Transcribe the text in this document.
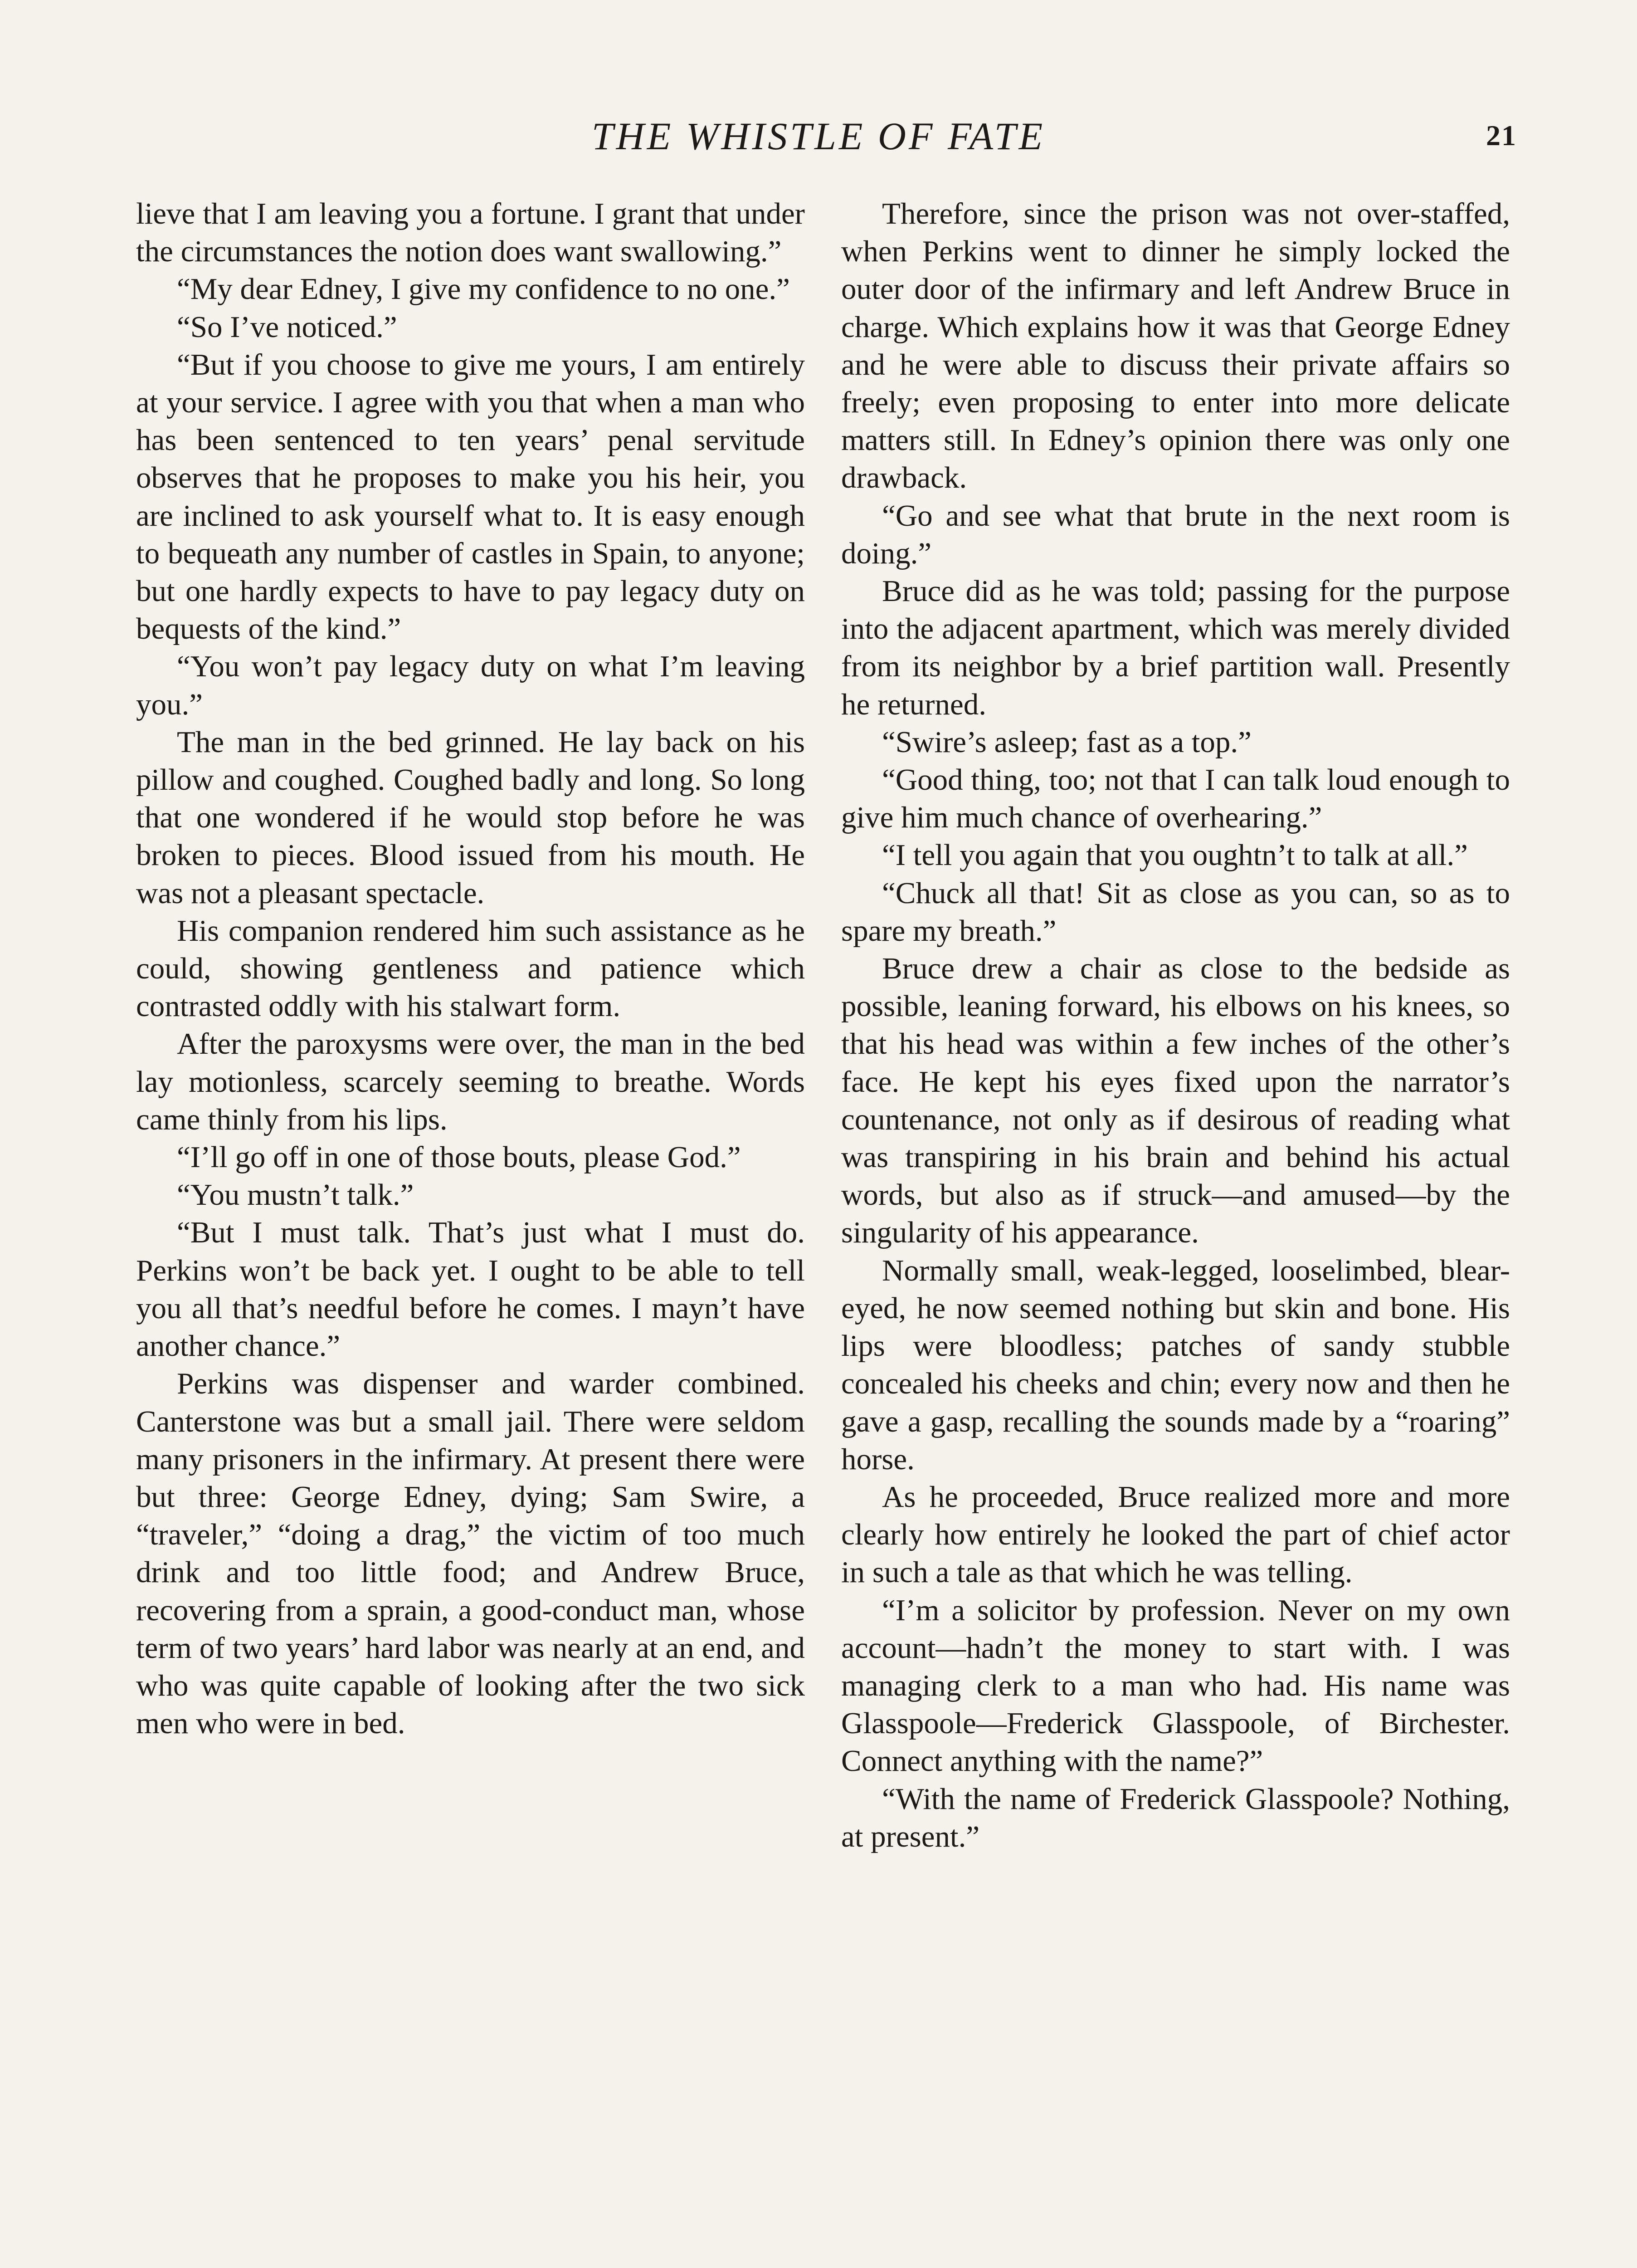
THE WHISTLE OF FATE	21

lieve that I am leaving you a fortune. I grant that under the circumstances the notion does want swallowing.”

“My dear Edney, I give my confidence to no one.”

“So I’ve noticed.”

“But if you choose to give me yours, I am entirely at your service. I agree with you that when a man who has been sentenced to ten years’ penal servitude observes that he proposes to make you his heir, you are inclined to ask yourself what to. It is easy enough to bequeath any number of castles in Spain, to anyone; but one hardly expects to have to pay legacy duty on bequests of the kind.”

“You won’t pay legacy duty on what I’m leaving you.”

The man in the bed grinned. He lay back on his pillow and coughed. Coughed badly and long. So long that one wondered if he would stop before he was broken to pieces. Blood issued from his mouth. He was not a pleasant spectacle.

His companion rendered him such assistance as he could, showing gentleness and patience which contrasted oddly with his stalwart form.

After the paroxysms were over, the man in the bed lay motionless, scarcely seeming to breathe. Words came thinly from his lips.

“I’ll go off in one of those bouts, please God.”

“You mustn’t talk.”

“But I must talk. That’s just what I must do. Perkins won’t be back yet. I ought to be able to tell you all that’s needful before he comes. I mayn’t have another chance.”

Perkins was dispenser and warder combined. Canterstone was but a small jail. There were seldom many prisoners in the infirmary. At present there were but three: George Edney, dying; Sam Swire, a “traveler,” “doing a drag,” the victim of too much drink and too little food; and Andrew Bruce, recovering from a sprain, a good-conduct man, whose term of two years’ hard labor was nearly at an end, and who was quite capable of looking after the two sick men who were in bed.

Therefore, since the prison was not over-staffed, when Perkins went to dinner he simply locked the outer door of the infirmary and left Andrew Bruce in charge. Which explains how it was that George Edney and he were able to discuss their private affairs so freely; even proposing to enter into more delicate matters still. In Edney’s opinion there was only one drawback.

“Go and see what that brute in the next room is doing.”

Bruce did as he was told; passing for the purpose into the adjacent apartment, which was merely divided from its neighbor by a brief partition wall. Presently he returned.

“Swire’s asleep; fast as a top.”

“Good thing, too; not that I can talk loud enough to give him much chance of overhearing.”

“I tell you again that you oughtn’t to talk at all.”

“Chuck all that! Sit as close as you can, so as to spare my breath.”

Bruce drew a chair as close to the bedside as possible, leaning forward, his elbows on his knees, so that his head was within a few inches of the other’s face. He kept his eyes fixed upon the narrator’s countenance, not only as if desirous of reading what was transpiring in his brain and behind his actual words, but also as if struck—and amused—by the singularity of his appearance.

Normally small, weak-legged, looselimbed, blear-eyed, he now seemed nothing but skin and bone. His lips were bloodless; patches of sandy stubble concealed his cheeks and chin; every now and then he gave a gasp, recalling the sounds made by a “roaring” horse.

As he proceeded, Bruce realized more and more clearly how entirely he looked the part of chief actor in such a tale as that which he was telling.

“I’m a solicitor by profession. Never on my own account—hadn’t the money to start with. I was managing clerk to a man who had. His name was Glasspoole—Frederick Glasspoole, of Birchester. Connect anything with the name?”

“With the name of Frederick Glasspoole? Nothing, at present.”
